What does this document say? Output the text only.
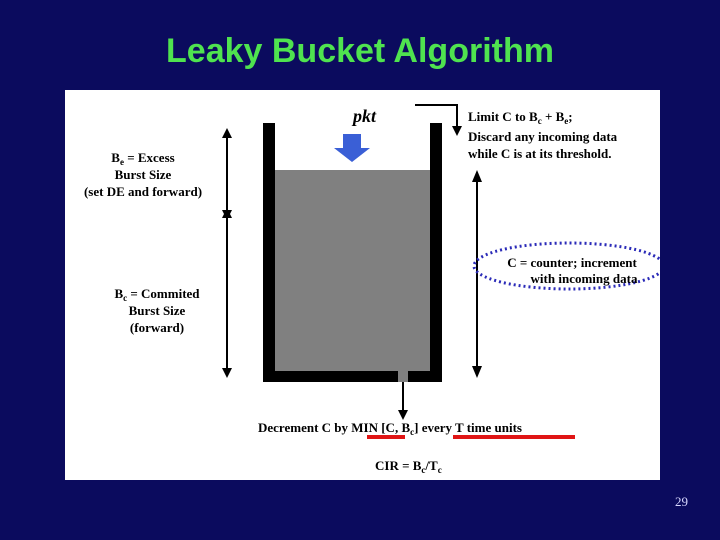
Leaky Bucket Algorithm
pkt
$B_e$ = Excess
Burst Size
(set DE and forward)
$B_c$ = Commited
Burst Size
(forward)
Limit C to $B_c + B_e$;
Discard any incoming data
while C is at its threshold.
C = counter; increment
with incoming data
Decrement C by MIN [C, $B_c$] every T time units
CIR = $B_c/T_c$
29
